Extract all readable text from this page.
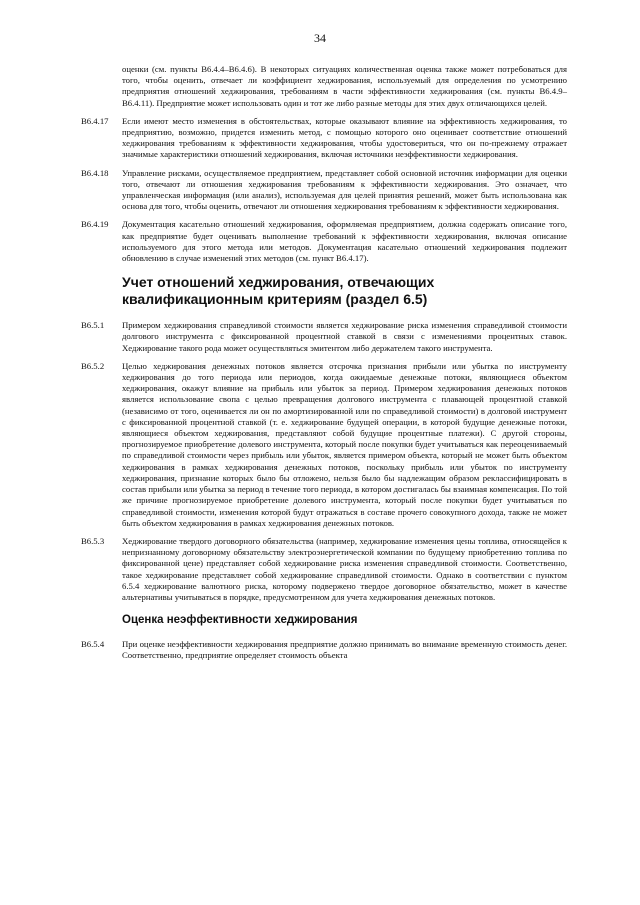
34
оценки (см. пункты B6.4.4–B6.4.6). В некоторых ситуациях количественная оценка также может потребоваться для того, чтобы оценить, отвечает ли коэффициент хеджирования, используемый для определения по усмотрению предприятия отношений хеджирования, требованиям в части эффективности хеджирования (см. пункты B6.4.9–B6.4.11). Предприятие может использовать один и тот же либо разные методы для этих двух отличающихся целей.
B6.4.17	Если имеют место изменения в обстоятельствах, которые оказывают влияние на эффективность хеджирования, то предприятию, возможно, придется изменить метод, с помощью которого оно оценивает соответствие отношений хеджирования требованиям к эффективности хеджирования, чтобы удостовериться, что он по-прежнему отражает значимые характеристики отношений хеджирования, включая источники неэффективности хеджирования.
B6.4.18	Управление рисками, осуществляемое предприятием, представляет собой основной источник информации для оценки того, отвечают ли отношения хеджирования требованиям к эффективности хеджирования. Это означает, что управленческая информация (или анализ), используемая для целей принятия решений, может быть использована как основа для того, чтобы оценить, отвечают ли отношения хеджирования требованиям к эффективности хеджирования.
B6.4.19	Документация касательно отношений хеджирования, оформляемая предприятием, должна содержать описание того, как предприятие будет оценивать выполнение требований к эффективности хеджирования, включая описание используемого для этого метода или методов. Документация касательно отношений хеджирования подлежит обновлению в случае изменений этих методов (см. пункт B6.4.17).
Учет отношений хеджирования, отвечающих квалификационным критериям (раздел 6.5)
B6.5.1	Примером хеджирования справедливой стоимости является хеджирование риска изменения справедливой стоимости долгового инструмента с фиксированной процентной ставкой в связи с изменениями процентных ставок. Хеджирование такого рода может осуществляться эмитентом либо держателем такого инструмента.
B6.5.2	Целью хеджирования денежных потоков является отсрочка признания прибыли или убытка по инструменту хеджирования до того периода или периодов, когда ожидаемые денежные потоки, являющиеся объектом хеджирования, окажут влияние на прибыль или убыток за период. Примером хеджирования денежных потоков является использование свопа с целью превращения долгового инструмента с плавающей процентной ставкой (независимо от того, оценивается ли он по амортизированной или по справедливой стоимости) в долговой инструмент с фиксированной процентной ставкой (т. е. хеджирование будущей операции, в которой будущие денежные потоки, являющиеся объектом хеджирования, представляют собой будущие процентные платежи). С другой стороны, прогнозируемое приобретение долевого инструмента, который после покупки будет учитываться как переоцениваемый по справедливой стоимости через прибыль или убыток, является примером объекта, который не может быть объектом хеджирования в рамках хеджирования денежных потоков, поскольку прибыль или убыток по инструменту хеджирования, признание которых было бы отложено, нельзя было бы надлежащим образом реклассифицировать в состав прибыли или убытка за период в течение того периода, в котором достигалась бы взаимная компенсация. По той же причине прогнозируемое приобретение долевого инструмента, который после покупки будет учитываться по справедливой стоимости, изменения которой будут отражаться в составе прочего совокупного дохода, также не может быть объектом хеджирования в рамках хеджирования денежных потоков.
B6.5.3	Хеджирование твердого договорного обязательства (например, хеджирование изменения цены топлива, относящейся к непризнанному договорному обязательству электроэнергетической компании по будущему приобретению топлива по фиксированной цене) представляет собой хеджирование риска изменения справедливой стоимости. Соответственно, такое хеджирование представляет собой хеджирование справедливой стоимости. Однако в соответствии с пунктом 6.5.4 хеджирование валютного риска, которому подвержено твердое договорное обязательство, может в качестве альтернативы учитываться в порядке, предусмотренном для учета хеджирования денежных потоков.
Оценка неэффективности хеджирования
B6.5.4	При оценке неэффективности хеджирования предприятие должно принимать во внимание временную стоимость денег. Соответственно, предприятие определяет стоимость объекта
